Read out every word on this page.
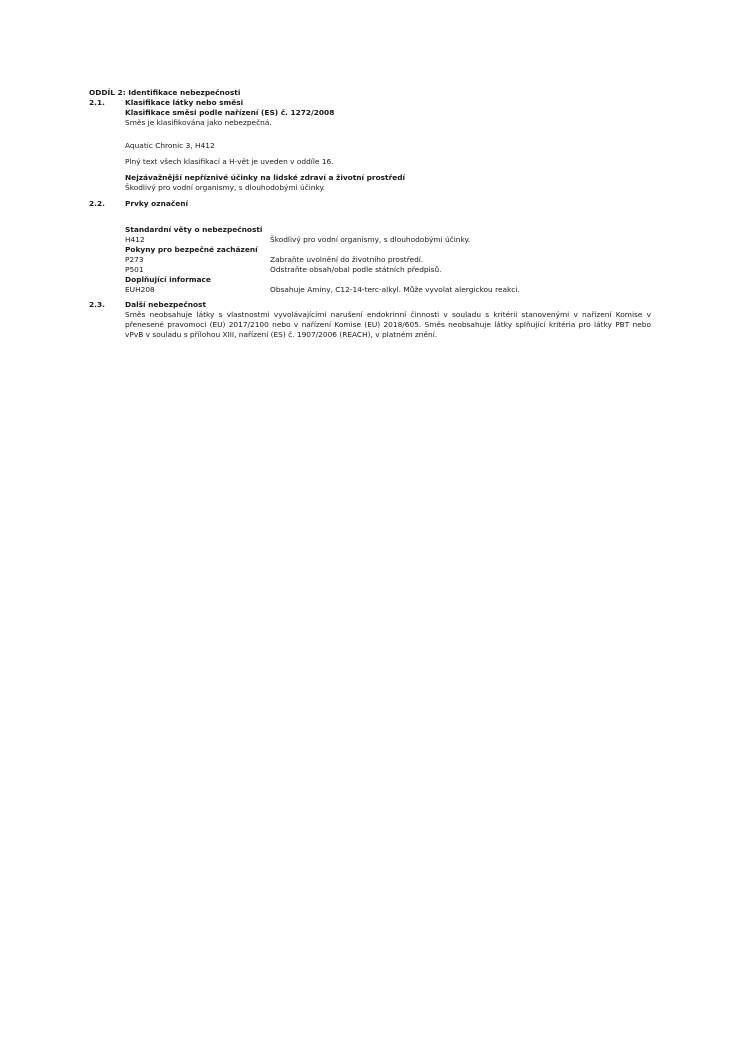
ODDÍL 2: Identifikace nebezpečnosti
2.1.	Klasifikace látky nebo směsi
Klasifikace směsi podle nařízení (ES) č. 1272/2008
Směs je klasifikována jako nebezpečná.
Aquatic Chronic 3, H412
Plný text všech klasifikací a H-vět je uveden v oddíle 16.
Nejzávažnější nepříznivé účinky na lidské zdraví a životní prostředí
Škodlivý pro vodní organismy, s dlouhodobými účinky.
2.2.	Prvky označení
Standardní věty o nebezpečnosti
H412	Škodlivý pro vodní organismy, s dlouhodobými účinky.
Pokyny pro bezpečné zacházení
P273	Zabraňte uvolnění do životního prostředí.
P501	Odstraňte obsah/obal podle státních předpisů.
Doplňující informace
EUH208	Obsahuje Aminy, C12-14-terc-alkyl. Může vyvolat alergickou reakci.
2.3.	Další nebezpečnost
Směs neobsahuje látky s vlastnostmi vyvolávajícími narušení endokrinní činnosti v souladu s kritérii stanovenými v nařízení Komise v přenesené pravomoci (EU) 2017/2100 nebo v nařízení Komise (EU) 2018/605. Směs neobsahuje látky splňující kritéria pro látky PBT nebo vPvB v souladu s přílohou XIII, nařízení (ES) č. 1907/2006 (REACH), v platném znění.
